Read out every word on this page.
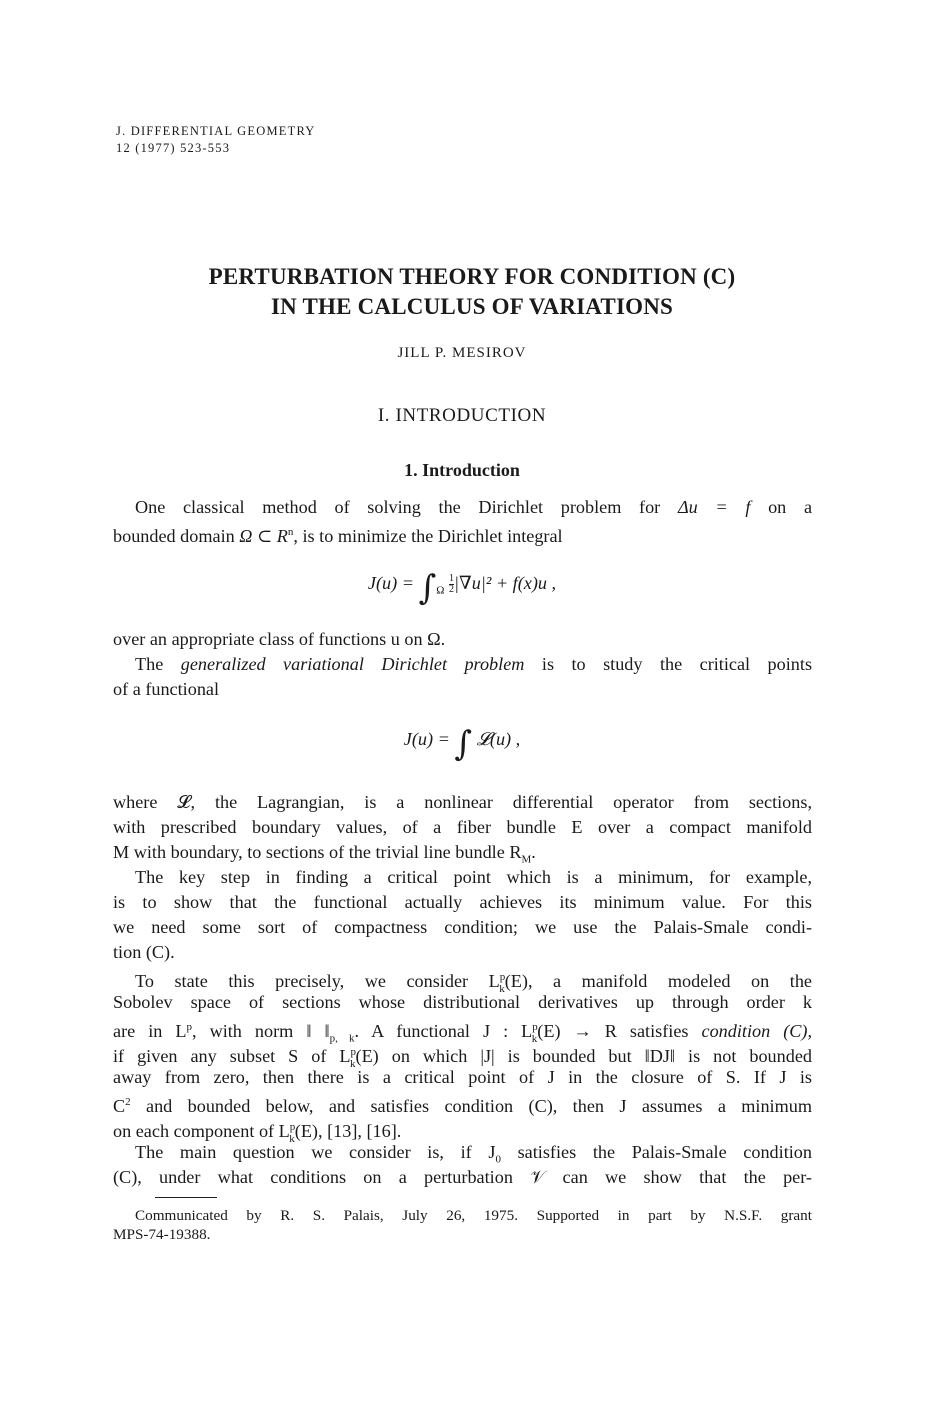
J. DIFFERENTIAL GEOMETRY
12 (1977) 523-553
PERTURBATION THEORY FOR CONDITION (C)
IN THE CALCULUS OF VARIATIONS
JILL P. MESIROV
I. INTRODUCTION
1. Introduction
One classical method of solving the Dirichlet problem for Δu = f on a
bounded domain Ω ⊂ $R^n$, is to minimize the Dirichlet integral
$J(u) = \int_\Omega \frac{1}{2} |\nabla u|^2 + f(x)u$ ,
over an appropriate class of functions u on Ω.
The generalized variational Dirichlet problem is to study the critical points
of a functional
J(u) = ∫ 𝓛(u) ,
where 𝓛, the Lagrangian, is a nonlinear differential operator from sections,
with prescribed boundary values, of a fiber bundle E over a compact manifold
M with boundary, to sections of the trivial line bundle $R_M$.
The key step in finding a critical point which is a minimum, for example,
is to show that the functional actually achieves its minimum value. For this
we need some sort of compactness condition; we use the Palais-Smale condi-
tion (C).
To state this precisely, we consider $L^p_k(E)$, a manifold modeled on the
Sobolev space of sections whose distributional derivatives up through order k
are in $L^p$, with norm ‖ $‖_{p, k}$. A functional J : $L^p_k(E) \to R$ satisfies condition (C),
if given any subset S of $L^p_k(E)$ on which |J| is bounded but ‖DJ‖ is not bounded
away from zero, then there is a critical point of J in the closure of S. If J is
$C^2$ and bounded below, and satisfies condition (C), then J assumes a minimum
on each component of $L^p_k(E)$, [13], [16].
The main question we consider is, if $J_0$ satisfies the Palais-Smale condition
(C), under what conditions on a perturbation 𝒱 can we show that the per-
Communicated by R. S. Palais, July 26, 1975. Supported in part by N.S.F. grant
MPS-74-19388.
